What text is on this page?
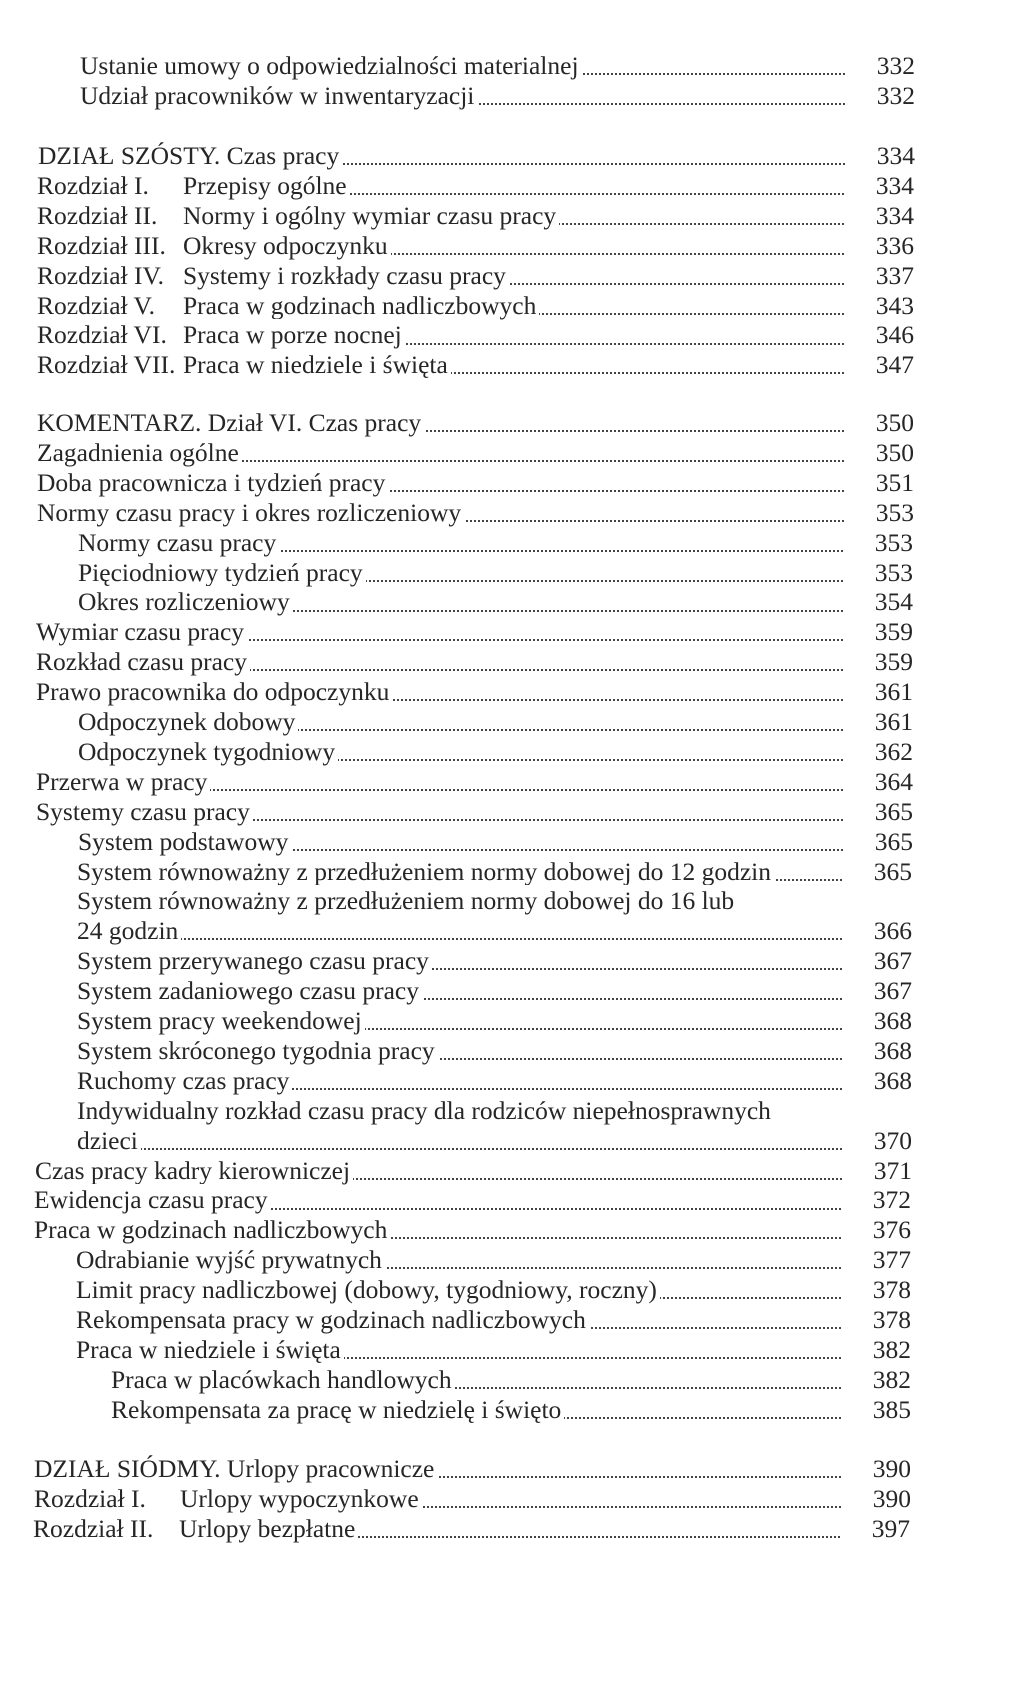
Ustanie umowy o odpowiedzialności materialnej	332
Udział pracowników w inwentaryzacji	332
DZIAŁ SZÓSTY. Czas pracy	334
Rozdział I. Przepisy ogólne	334
Rozdział II. Normy i ogólny wymiar czasu pracy	334
Rozdział III. Okresy odpoczynku	336
Rozdział IV. Systemy i rozkłady czasu pracy	337
Rozdział V. Praca w godzinach nadliczbowych	343
Rozdział VI. Praca w porze nocnej	346
Rozdział VII. Praca w niedziele i święta	347
KOMENTARZ. Dział VI. Czas pracy	350
Zagadnienia ogólne	350
Doba pracownicza i tydzień pracy	351
Normy czasu pracy i okres rozliczeniowy	353
Normy czasu pracy	353
Pięciodniowy tydzień pracy	353
Okres rozliczeniowy	354
Wymiar czasu pracy	359
Rozkład czasu pracy	359
Prawo pracownika do odpoczynku	361
Odpoczynek dobowy	361
Odpoczynek tygodniowy	362
Przerwa w pracy	364
Systemy czasu pracy	365
System podstawowy	365
System równoważny z przedłużeniem normy dobowej do 12 godzin	365
System równoważny z przedłużeniem normy dobowej do 16 lub
24 godzin	366
System przerywanego czasu pracy	367
System zadaniowego czasu pracy	367
System pracy weekendowej	368
System skróconego tygodnia pracy	368
Ruchomy czas pracy	368
Indywidualny rozkład czasu pracy dla rodziców niepełnosprawnych
dzieci	370
Czas pracy kadry kierowniczej	371
Ewidencja czasu pracy	372
Praca w godzinach nadliczbowych	376
Odrabianie wyjść prywatnych	377
Limit pracy nadliczbowej (dobowy, tygodniowy, roczny)	378
Rekompensata pracy w godzinach nadliczbowych	378
Praca w niedziele i święta	382
Praca w placówkach handlowych	382
Rekompensata za pracę w niedzielę i święto	385
DZIAŁ SIÓDMY. Urlopy pracownicze	390
Rozdział I. Urlopy wypoczynkowe	390
Rozdział II. Urlopy bezpłatne	397
